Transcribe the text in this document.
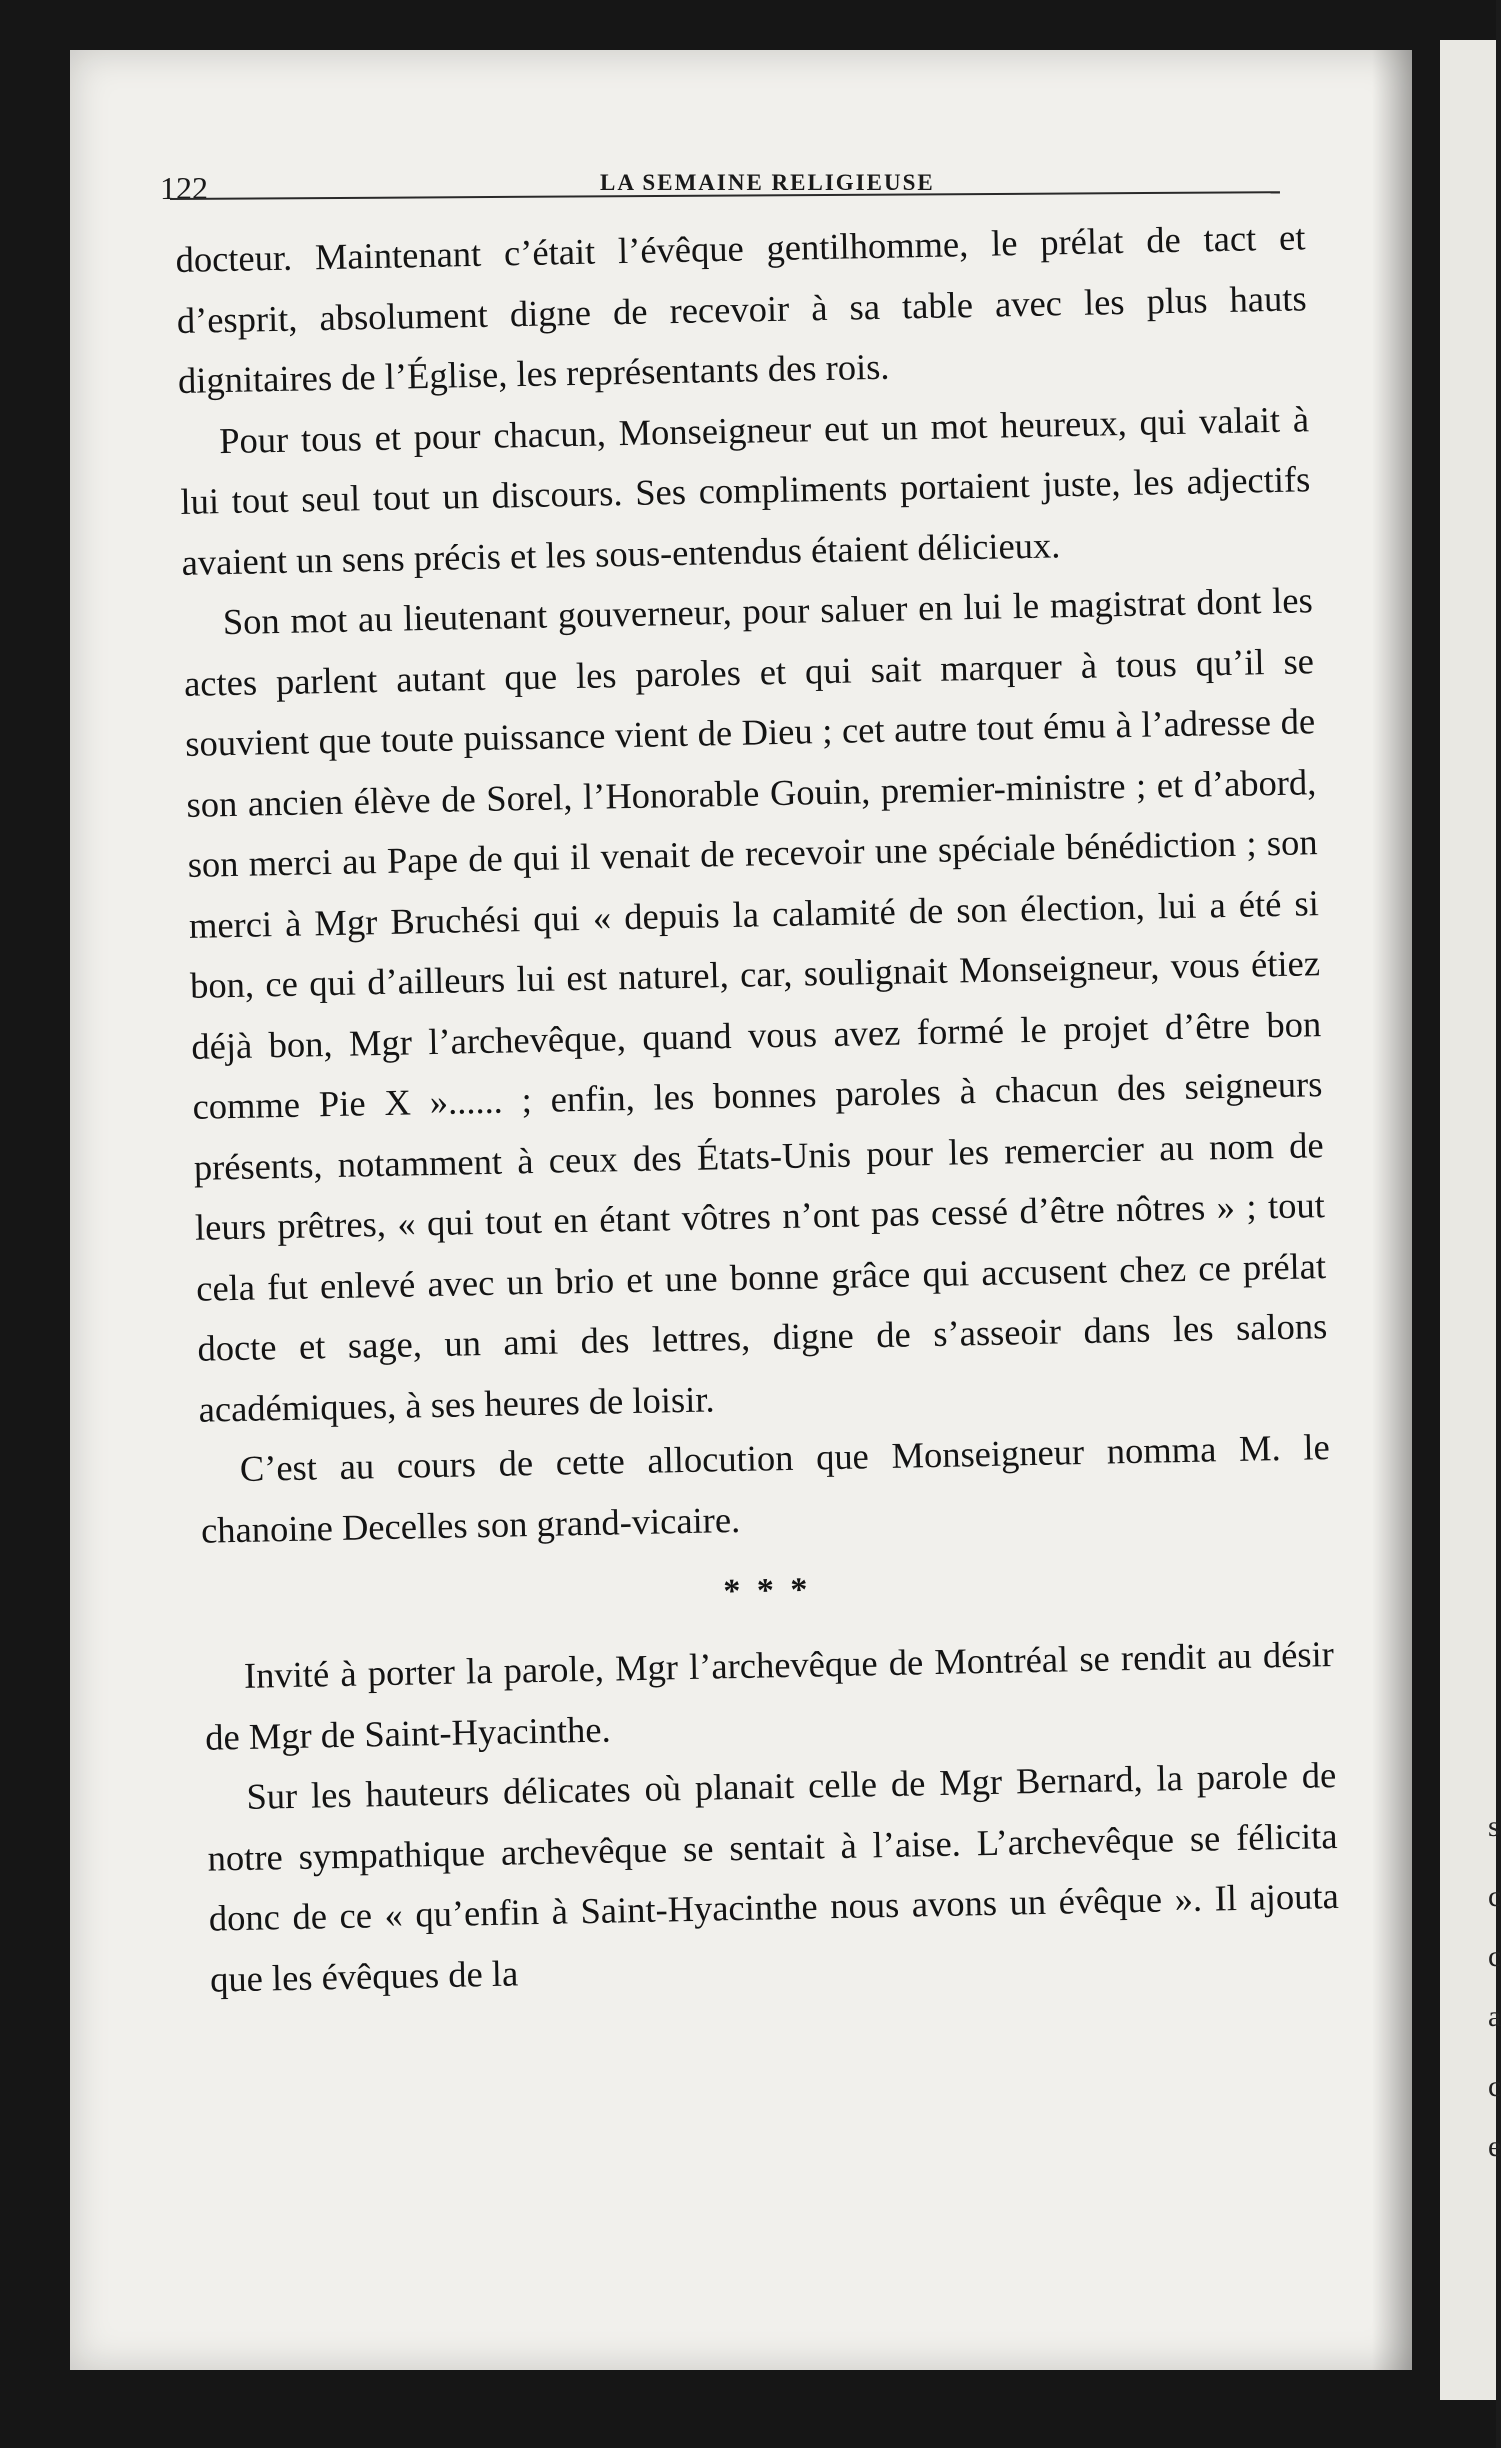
s
c
c
a
c
e
122	LA SEMAINE RELIGIEUSE

docteur. Maintenant c’était l’évêque gentilhomme, le prélat de tact et d’esprit, absolument digne de recevoir à sa table avec les plus hauts dignitaires de l’Église, les représentants des rois.

Pour tous et pour chacun, Monseigneur eut un mot heureux, qui valait à lui tout seul tout un discours. Ses compliments portaient juste, les adjectifs avaient un sens précis et les sous-entendus étaient délicieux.

Son mot au lieutenant gouverneur, pour saluer en lui le magistrat dont les actes parlent autant que les paroles et qui sait marquer à tous qu’il se souvient que toute puissance vient de Dieu ; cet autre tout ému à l’adresse de son ancien élève de Sorel, l’Honorable Gouin, premier-ministre ; et d’abord, son merci au Pape de qui il venait de recevoir une spéciale bénédiction ; son merci à Mgr Bruchési qui « depuis la calamité de son élection, lui a été si bon, ce qui d’ailleurs lui est naturel, car, soulignait Monseigneur, vous étiez déjà bon, Mgr l’archevêque, quand vous avez formé le projet d’être bon comme Pie X »...... ; enfin, les bonnes paroles à chacun des seigneurs présents, notamment à ceux des États-Unis pour les remercier au nom de leurs prêtres, « qui tout en étant vôtres n’ont pas cessé d’être nôtres » ; tout cela fut enlevé avec un brio et une bonne grâce qui accusent chez ce prélat docte et sage, un ami des lettres, digne de s’asseoir dans les salons académiques, à ses heures de loisir.

C’est au cours de cette allocution que Monseigneur nomma M. le chanoine Decelles son grand-vicaire.

* * *

Invité à porter la parole, Mgr l’archevêque de Montréal se rendit au désir de Mgr de Saint-Hyacinthe.

Sur les hauteurs délicates où planait celle de Mgr Bernard, la parole de notre sympathique archevêque se sentait à l’aise. L’archevêque se félicita donc de ce « qu’enfin à Saint-Hyacinthe nous avons un évêque ». Il ajouta que les évêques de la
